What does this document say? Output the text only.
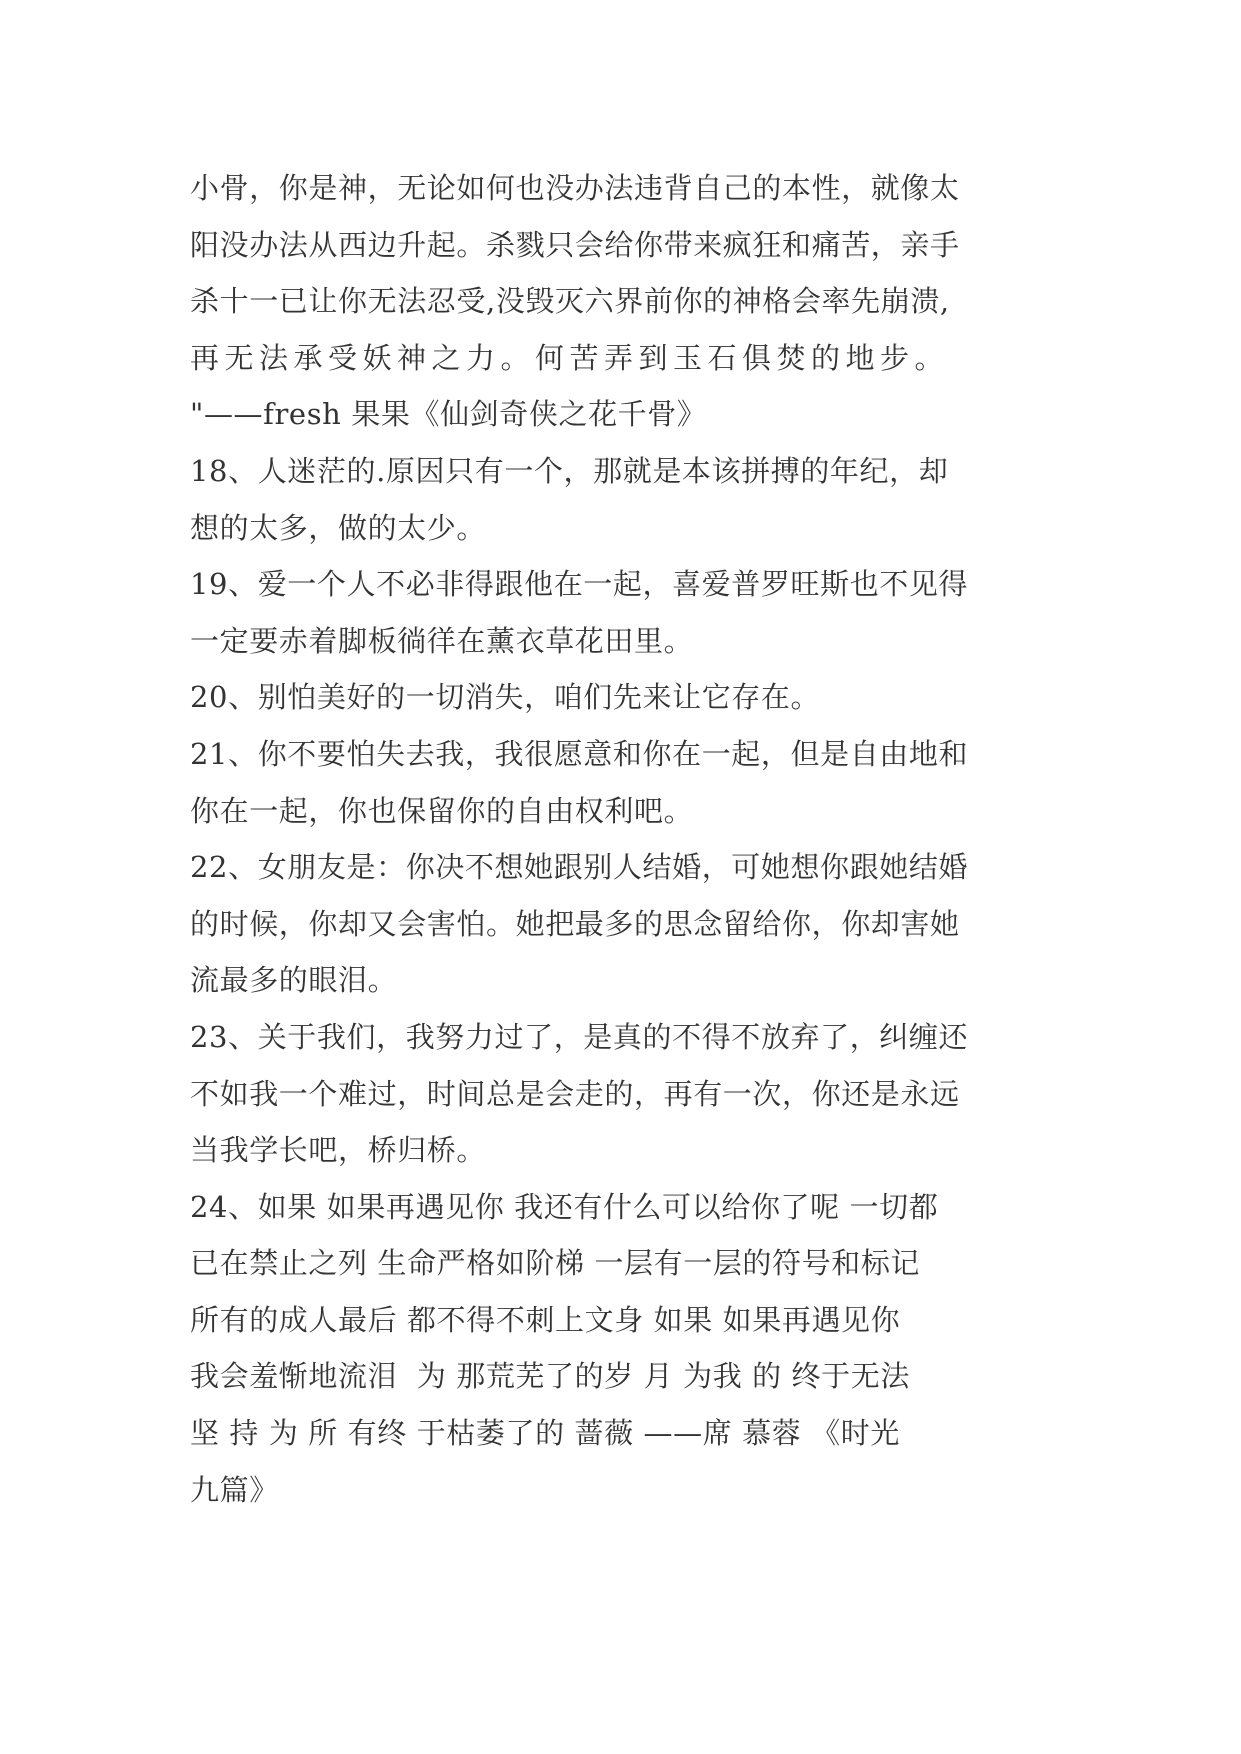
小骨，你是神，无论如何也没办法违背自己的本性，就像太
阳没办法从西边升起。杀戮只会给你带来疯狂和痛苦，亲手
杀十一已让你无法忍受,没毁灭六界前你的神格会率先崩溃,
再无法承受妖神之力。何苦弄到玉石俱焚的地步。
"——fresh 果果《仙剑奇侠之花千骨》
18、人迷茫的.原因只有一个，那就是本该拼搏的年纪，却
想的太多，做的太少。
19、爱一个人不必非得跟他在一起，喜爱普罗旺斯也不见得
一定要赤着脚板徜徉在薰衣草花田里。
20、别怕美好的一切消失，咱们先来让它存在。
21、你不要怕失去我，我很愿意和你在一起，但是自由地和
你在一起，你也保留你的自由权利吧。
22、女朋友是：你决不想她跟别人结婚，可她想你跟她结婚
的时候，你却又会害怕。她把最多的思念留给你，你却害她
流最多的眼泪。
23、关于我们，我努力过了，是真的不得不放弃了，纠缠还
不如我一个难过，时间总是会走的，再有一次，你还是永远
当我学长吧，桥归桥。
24、如果 如果再遇见你 我还有什么可以给你了呢 一切都
已在禁止之列 生命严格如阶梯 一层有一层的符号和标记
所有的成人最后 都不得不刺上文身 如果 如果再遇见你
我会羞惭地流泪  为 那荒芜了的岁 月 为我 的 终于无法
坚 持 为 所 有终 于枯萎了的 蔷薇 ——席 慕蓉 《时光
九篇》
